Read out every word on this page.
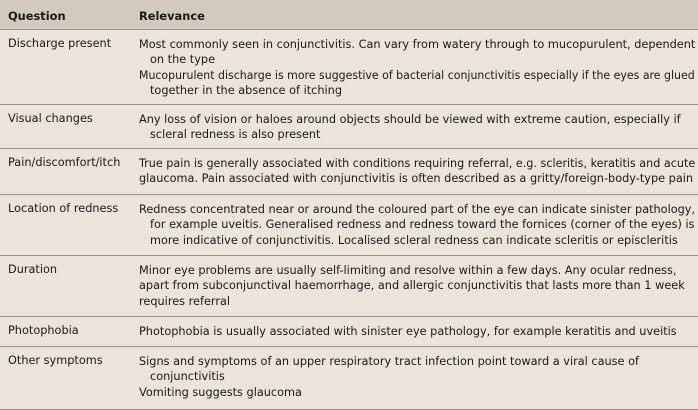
Question	Relevance
Discharge present	Most commonly seen in conjunctivitis. Can vary from watery through to mucopurulent, dependent
on the type
Mucopurulent discharge is more suggestive of bacterial conjunctivitis especially if the eyes are glued
together in the absence of itching
Visual changes	Any loss of vision or haloes around objects should be viewed with extreme caution, especially if
scleral redness is also present
Pain/discomfort/itch	True pain is generally associated with conditions requiring referral, e.g. scleritis, keratitis and acute
glaucoma. Pain associated with conjunctivitis is often described as a gritty/foreign-body-type pain
Location of redness	Redness concentrated near or around the coloured part of the eye can indicate sinister pathology,
for example uveitis. Generalised redness and redness toward the fornices (corner of the eyes) is
more indicative of conjunctivitis. Localised scleral redness can indicate scleritis or episcleritis
Duration	Minor eye problems are usually self-limiting and resolve within a few days. Any ocular redness,
apart from subconjunctival haemorrhage, and allergic conjunctivitis that lasts more than 1 week
requires referral
Photophobia	Photophobia is usually associated with sinister eye pathology, for example keratitis and uveitis
Other symptoms	Signs and symptoms of an upper respiratory tract infection point toward a viral cause of
conjunctivitis
Vomiting suggests glaucoma
